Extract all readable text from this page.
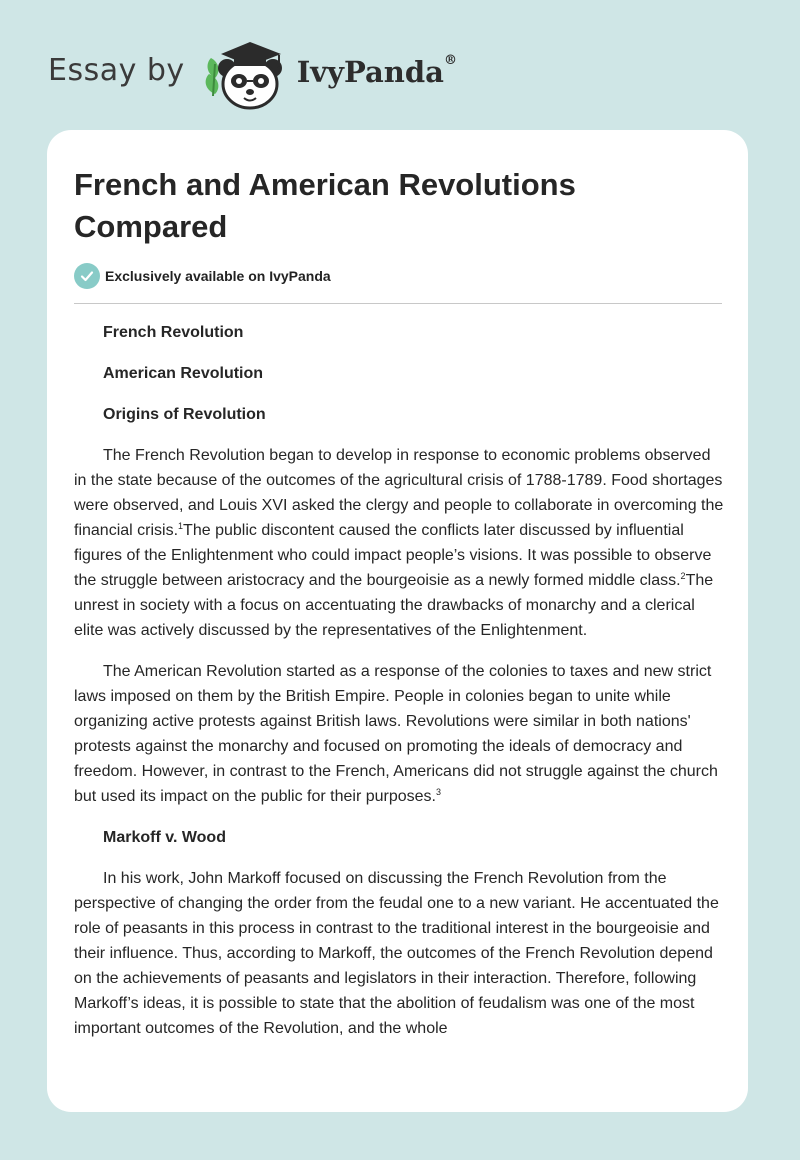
Essay by	IvyPanda®
French and American Revolutions Compared
Exclusively available on IvyPanda
French Revolution
American Revolution
Origins of Revolution

The French Revolution began to develop in response to economic problems observed in the state because of the outcomes of the agricultural crisis of 1788-1789. Food shortages were observed, and Louis XVI asked the clergy and people to collaborate in overcoming the financial crisis.$^1$The public discontent caused the conflicts later discussed by influential figures of the Enlightenment who could impact people’s visions. It was possible to observe the struggle between aristocracy and the bourgeoisie as a newly formed middle class.$^2$The unrest in society with a focus on accentuating the drawbacks of monarchy and a clerical elite was actively discussed by the representatives of the Enlightenment.

The American Revolution started as a response of the colonies to taxes and new strict laws imposed on them by the British Empire. People in colonies began to unite while organizing active protests against British laws. Revolutions were similar in both nations' protests against the monarchy and focused on promoting the ideals of democracy and freedom. However, in contrast to the French, Americans did not struggle against the church but used its impact on the public for their purposes.$^3$

Markoff v. Wood

In his work, John Markoff focused on discussing the French Revolution from the perspective of changing the order from the feudal one to a new variant. He accentuated the role of peasants in this process in contrast to the traditional interest in the bourgeoisie and their influence. Thus, according to Markoff, the outcomes of the French Revolution depend on the achievements of peasants and legislators in their interaction. Therefore, following Markoff’s ideas, it is possible to state that the abolition of feudalism was one of the most important outcomes of the Revolution, and the whole
